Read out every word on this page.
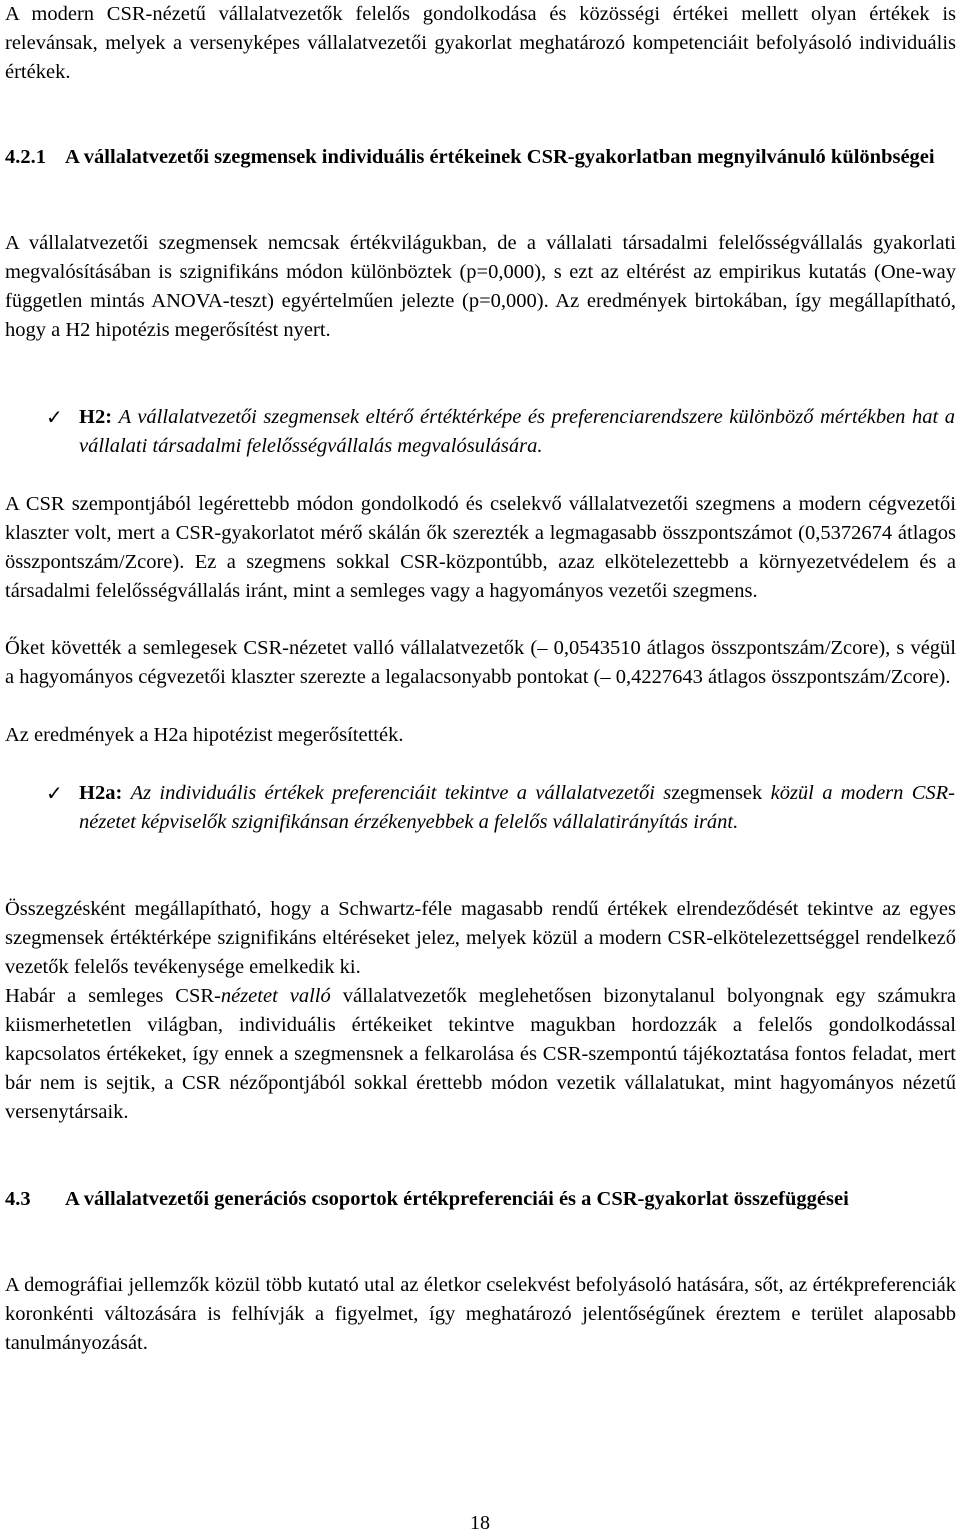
A modern CSR-nézetű vállalatvezetők felelős gondolkodása és közösségi értékei mellett olyan értékek is relevánsak, melyek a versenyképes vállalatvezetői gyakorlat meghatározó kompetenciáit befolyásoló individuális értékek.

4.2.1 A vállalatvezetői szegmensek individuális értékeinek CSR-gyakorlatban megnyilvánuló különbségei

A vállalatvezetői szegmensek nemcsak értékvilágukban, de a vállalati társadalmi felelősségvállalás gyakorlati megvalósításában is szignifikáns módon különböztek (p=0,000), s ezt az eltérést az empirikus kutatás (One-way független mintás ANOVA-teszt) egyértelműen jelezte (p=0,000). Az eredmények birtokában, így megállapítható, hogy a H2 hipotézis megerősítést nyert.

✓ H2: A vállalatvezetői szegmensek eltérő értéktérképe és preferenciarendszere különböző mértékben hat a vállalati társadalmi felelősségvállalás megvalósulására.

A CSR szempontjából legérettebb módon gondolkodó és cselekvő vállalatvezetői szegmens a modern cégvezetői klaszter volt, mert a CSR-gyakorlatot mérő skálán ők szerezték a legmagasabb összpontszámot (0,5372674 átlagos összpontszám/Zcore). Ez a szegmens sokkal CSR-központúbb, azaz elkötelezettebb a környezetvédelem és a társadalmi felelősségvállalás iránt, mint a semleges vagy a hagyományos vezetői szegmens.

Őket követték a semlegesek CSR-nézetet valló vállalatvezetők (– 0,0543510 átlagos összpontszám/Zcore), s végül a hagyományos cégvezetői klaszter szerezte a legalacsonyabb pontokat (– 0,4227643 átlagos összpontszám/Zcore).

Az eredmények a H2a hipotézist megerősítették.

✓ H2a: Az individuális értékek preferenciáit tekintve a vállalatvezetői szegmensek közül a modern CSR-nézetet képviselők szignifikánsan érzékenyebbek a felelős vállalatirányítás iránt.

Összegzésként megállapítható, hogy a Schwartz-féle magasabb rendű értékek elrendeződését tekintve az egyes szegmensek értéktérképe szignifikáns eltéréseket jelez, melyek közül a modern CSR-elkötelezettséggel rendelkező vezetők felelős tevékenysége emelkedik ki.

Habár a semleges CSR-nézetet valló vállalatvezetők meglehetősen bizonytalanul bolyongnak egy számukra kiismerhetetlen világban, individuális értékeiket tekintve magukban hordozzák a felelős gondolkodással kapcsolatos értékeket, így ennek a szegmensnek a felkarolása és CSR-szempontú tájékoztatása fontos feladat, mert bár nem is sejtik, a CSR nézőpontjából sokkal érettebb módon vezetik vállalatukat, mint hagyományos nézetű versenytársaik.

4.3 A vállalatvezetői generációs csoportok értékpreferenciái és a CSR-gyakorlat összefüggései

A demográfiai jellemzők közül több kutató utal az életkor cselekvést befolyásoló hatására, sőt, az értékpreferenciák koronkénti változására is felhívják a figyelmet, így meghatározó jelentőségűnek éreztem e terület alaposabb tanulmányozását.

18
